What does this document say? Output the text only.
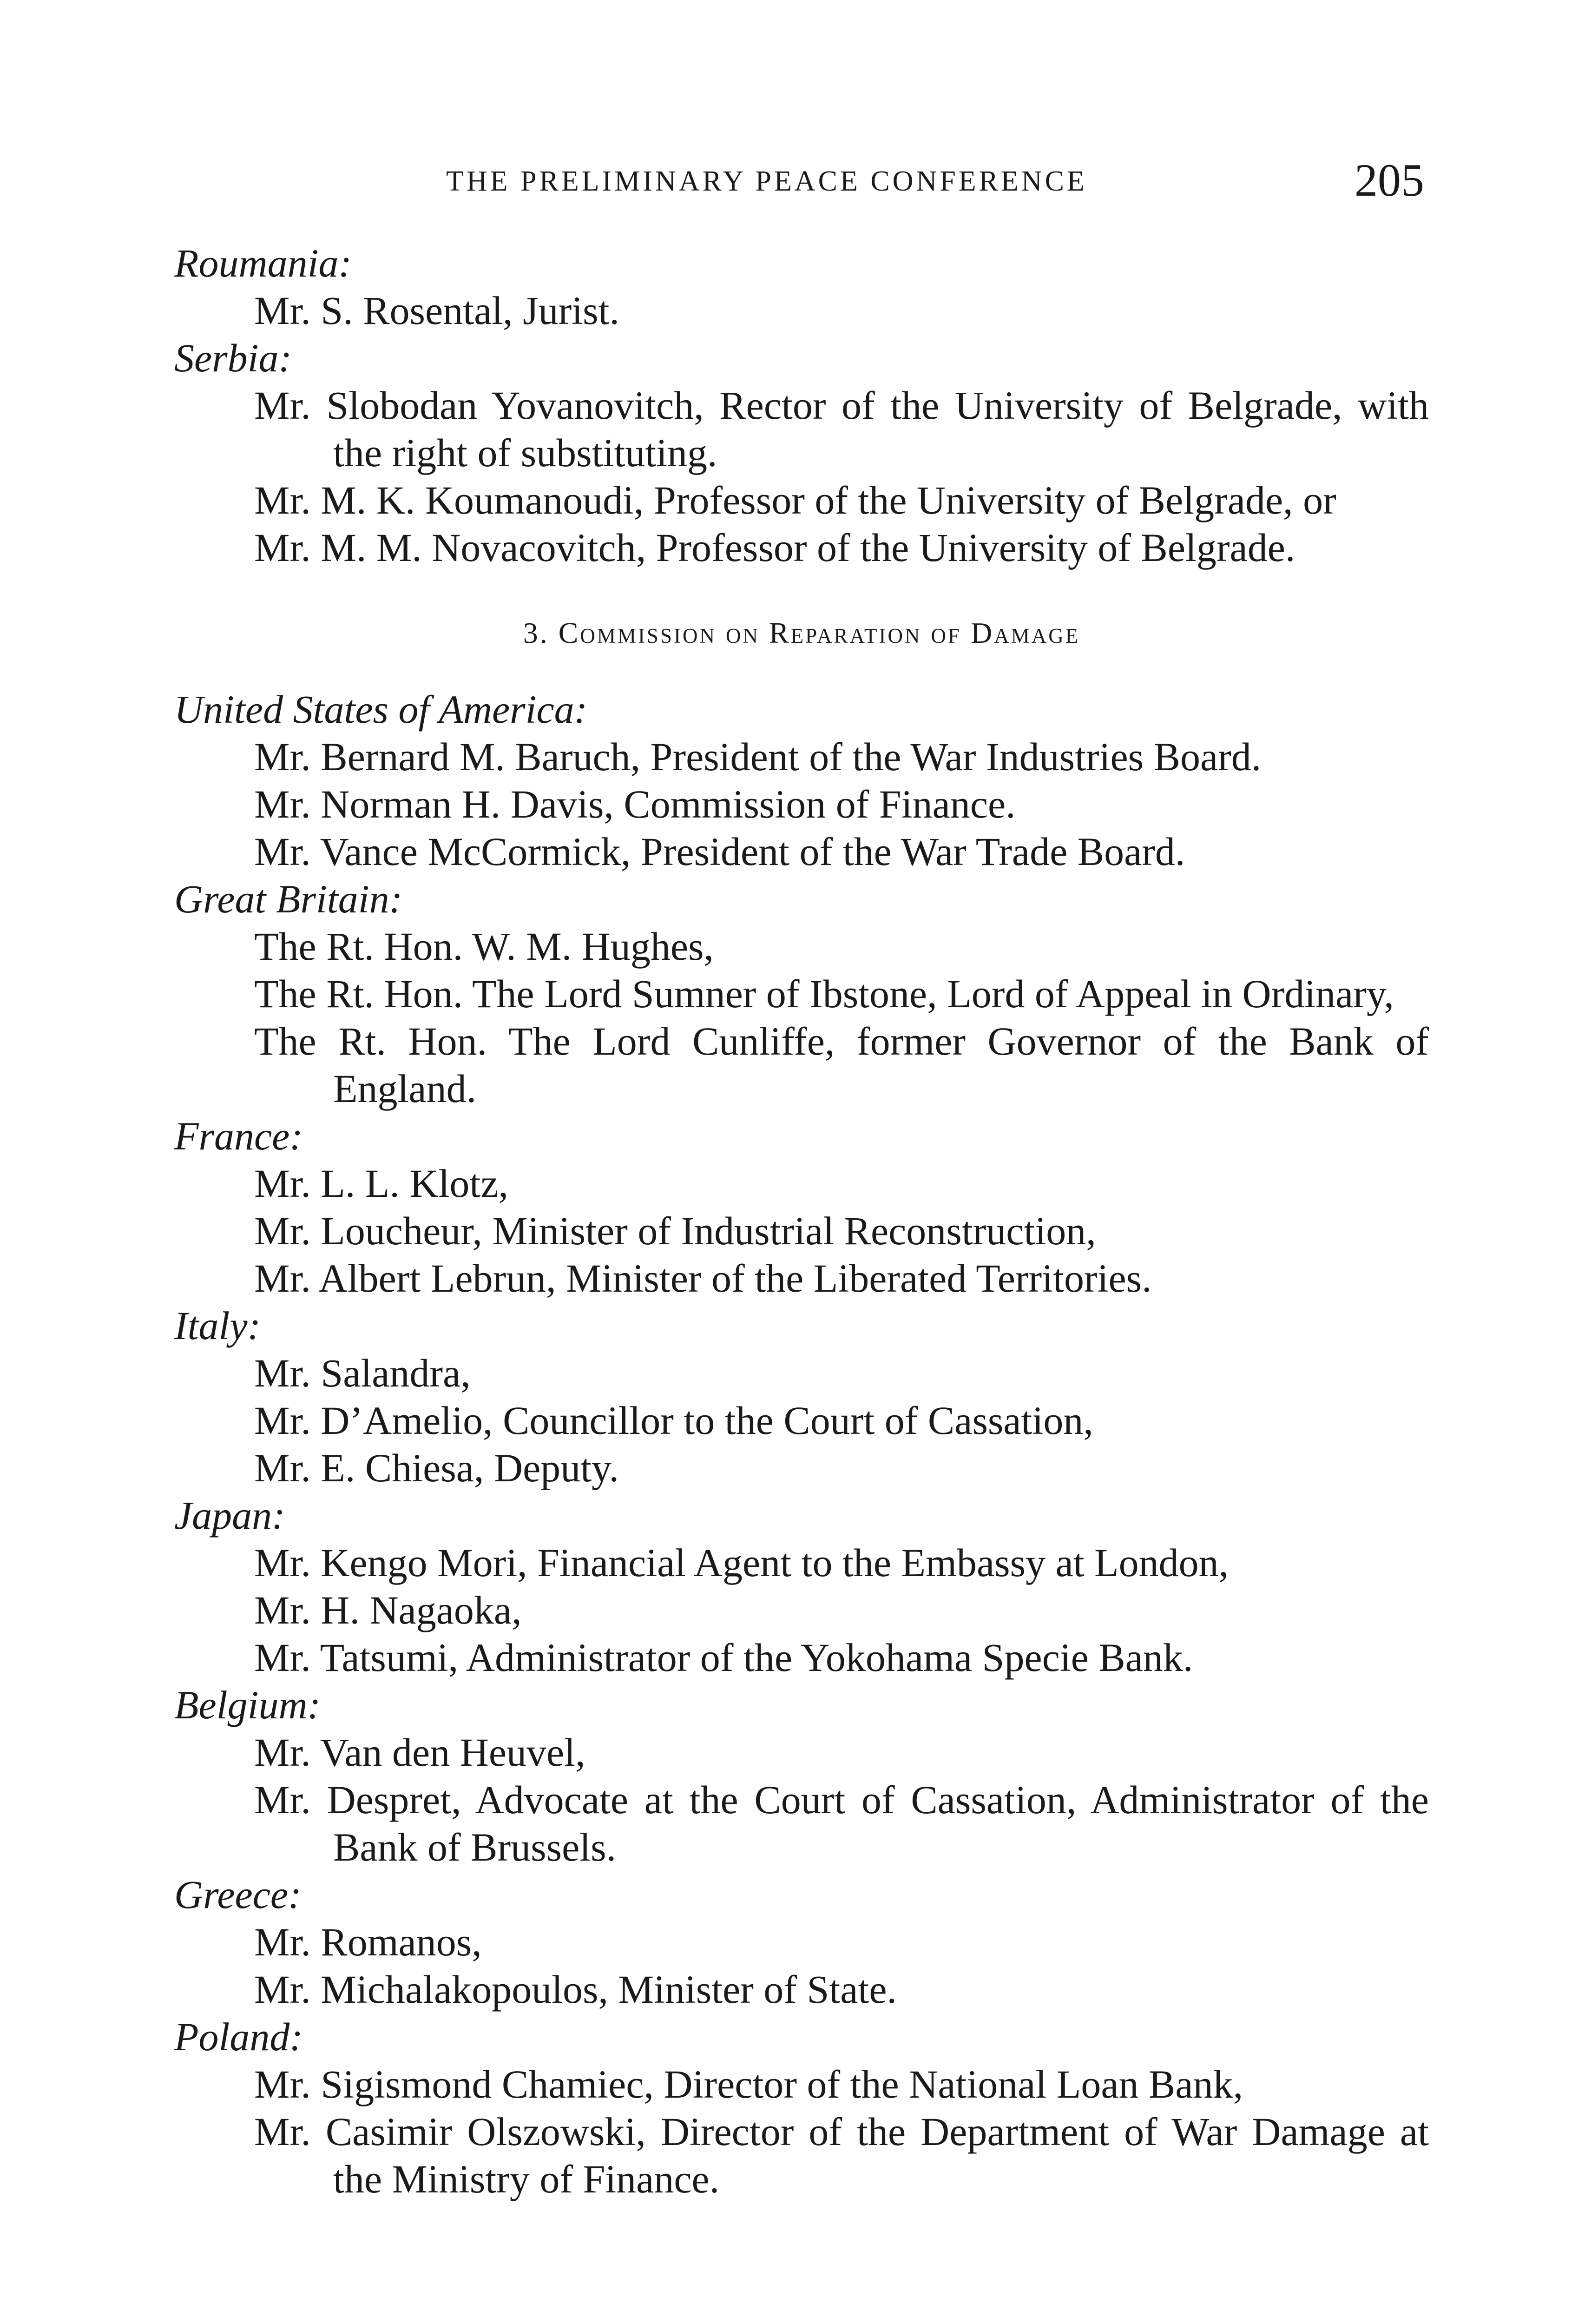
THE PRELIMINARY PEACE CONFERENCE	205

Roumania:

Mr. S. Rosental, Jurist.

Serbia:

Mr. Slobodan Yovanovitch, Rector of the University of Belgrade, with the right of substituting.

Mr. M. K. Koumanoudi, Professor of the University of Belgrade, or

Mr. M. M. Novacovitch, Professor of the University of Belgrade.

3. Commission on Reparation of Damage

United States of America:

Mr. Bernard M. Baruch, President of the War Industries Board.

Mr. Norman H. Davis, Commission of Finance.

Mr. Vance McCormick, President of the War Trade Board.

Great Britain:

The Rt. Hon. W. M. Hughes,

The Rt. Hon. The Lord Sumner of Ibstone, Lord of Appeal in Ordinary,

The Rt. Hon. The Lord Cunliffe, former Governor of the Bank of England.

France:

Mr. L. L. Klotz,

Mr. Loucheur, Minister of Industrial Reconstruction,

Mr. Albert Lebrun, Minister of the Liberated Territories.

Italy:

Mr. Salandra,

Mr. D’Amelio, Councillor to the Court of Cassation,

Mr. E. Chiesa, Deputy.

Japan:

Mr. Kengo Mori, Financial Agent to the Embassy at London,

Mr. H. Nagaoka,

Mr. Tatsumi, Administrator of the Yokohama Specie Bank.

Belgium:

Mr. Van den Heuvel,

Mr. Despret, Advocate at the Court of Cassation, Administrator of the Bank of Brussels.

Greece:

Mr. Romanos,

Mr. Michalakopoulos, Minister of State.

Poland:

Mr. Sigismond Chamiec, Director of the National Loan Bank,

Mr. Casimir Olszowski, Director of the Department of War Damage at the Ministry of Finance.
